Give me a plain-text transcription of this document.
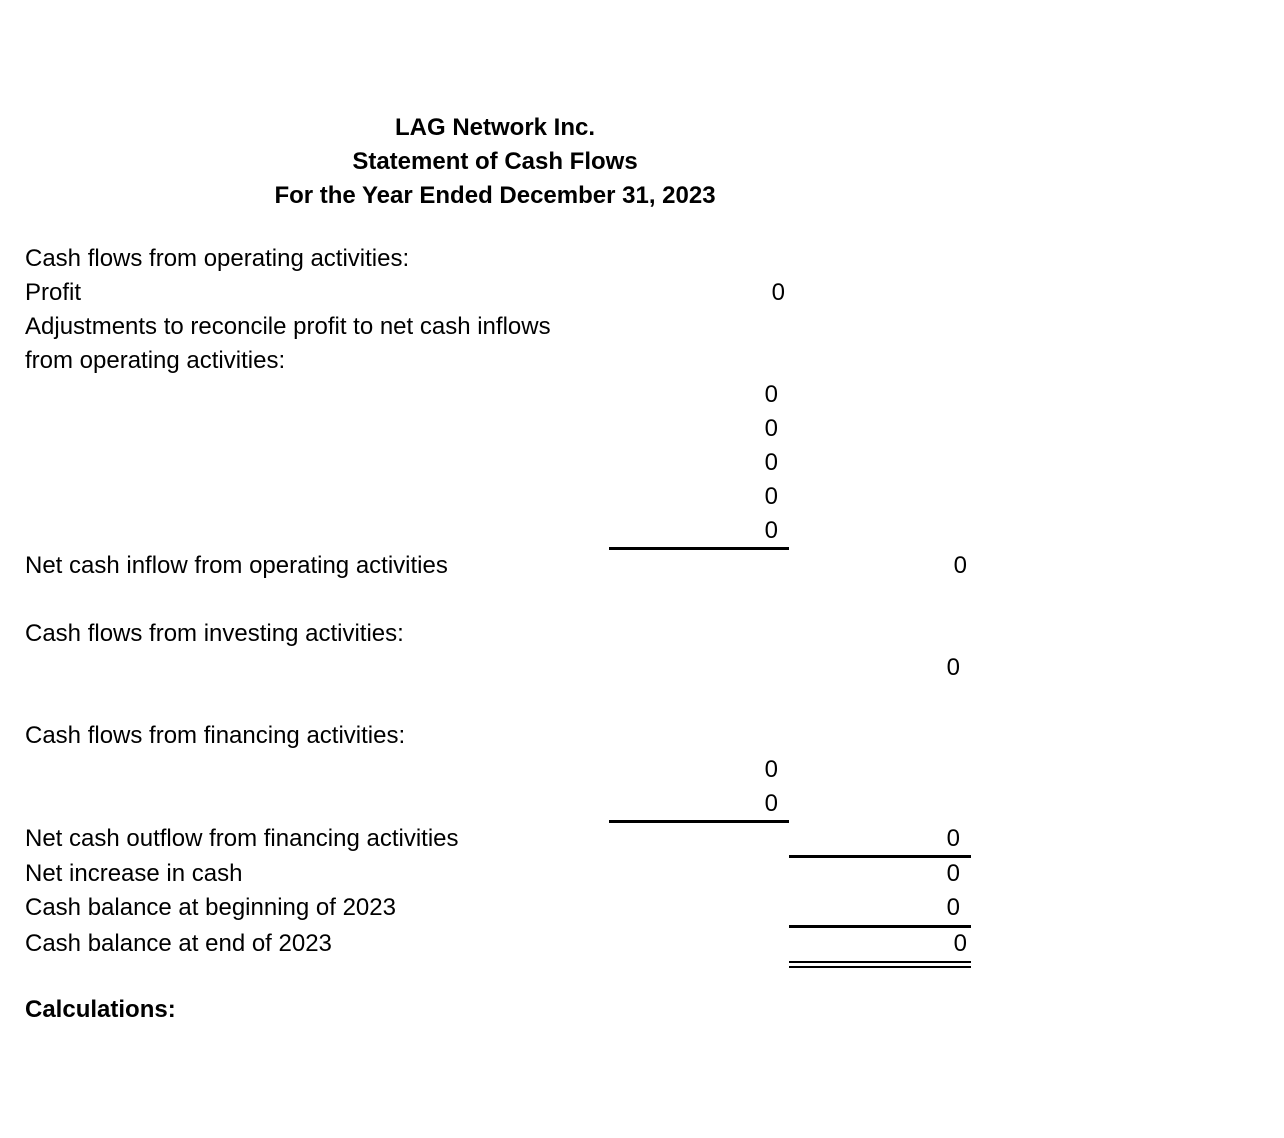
LAG Network Inc.
Statement of Cash Flows
For the Year Ended December 31, 2023
Cash flows from operating activities:
Profit	0
Adjustments to reconcile profit to net cash inflows
from operating activities:
0
0
0
0
0
Net cash inflow from operating activities	0
Cash flows from investing activities:
0
Cash flows from financing activities:
0
0
Net cash outflow from financing activities	0
Net increase in cash	0
Cash balance at beginning of 2023	0
Cash balance at end of 2023	0
Calculations:
